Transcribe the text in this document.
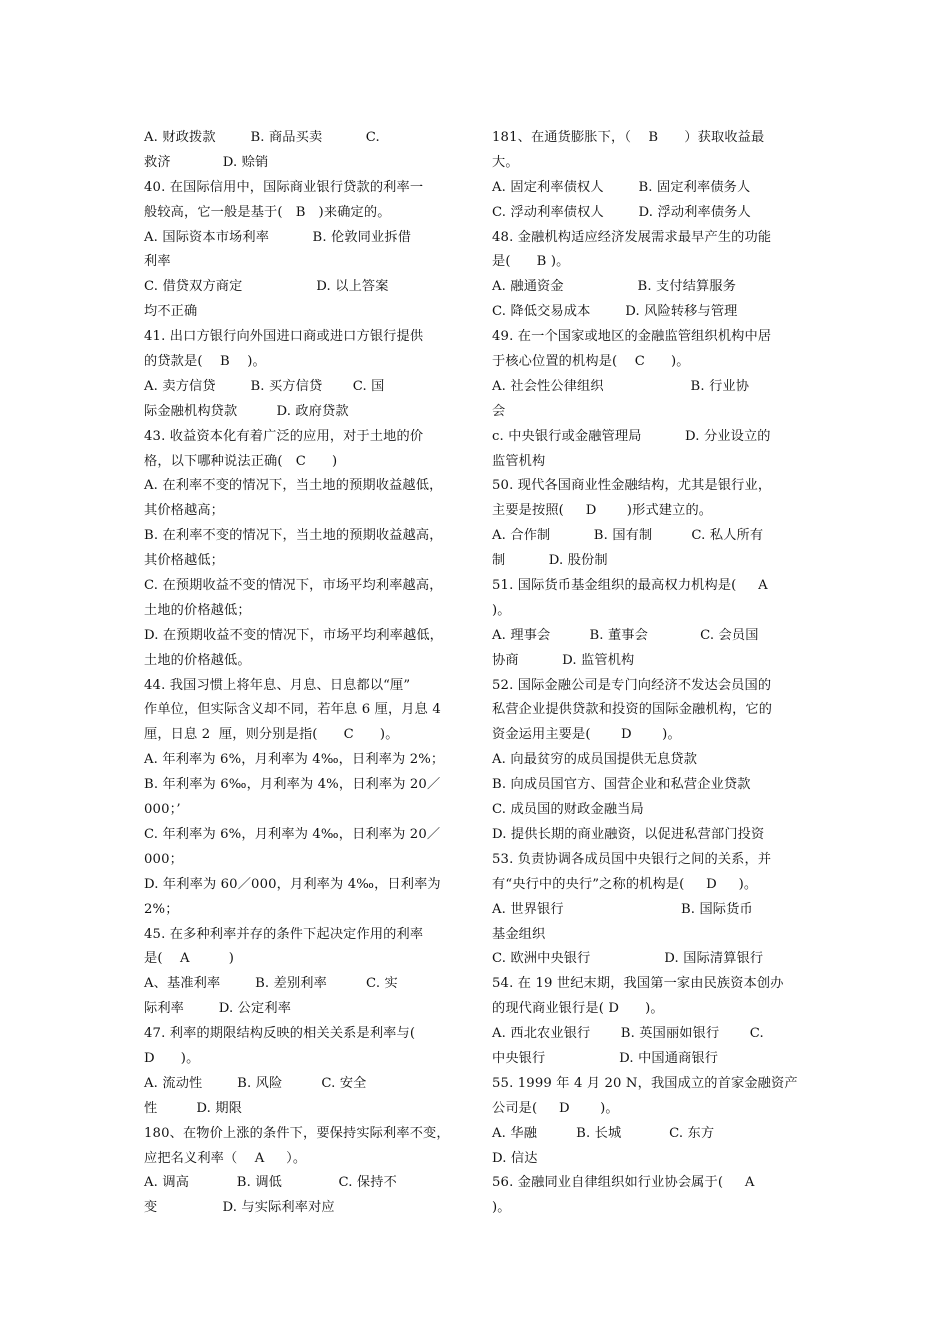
A. 财政拨款        B. 商品买卖          C.
救济            D. 赊销
40. 在国际信用中，国际商业银行贷款的利率一
般较高，它一般是基于(   B   )来确定的。
A. 国际资本市场利率          B. 伦敦同业拆借
利率
C. 借贷双方商定                 D. 以上答案
均不正确
41. 出口方银行向外国进口商或进口方银行提供
的贷款是(    B    )。
A. 卖方信贷        B. 买方信贷       C. 国
际金融机构贷款         D. 政府贷款
43. 收益资本化有着广泛的应用，对于土地的价
格，以下哪种说法正确(   C      )
A. 在利率不变的情况下，当土地的预期收益越低，
其价格越高；
B. 在利率不变的情况下，当土地的预期收益越高，
其价格越低；
C. 在预期收益不变的情况下，市场平均利率越高，
土地的价格越低；
D. 在预期收益不变的情况下，市场平均利率越低，
土地的价格越低。
44. 我国习惯上将年息、月息、日息都以“厘”
作单位，但实际含义却不同，若年息 6 厘，月息 4
厘，日息 2  厘，则分别是指(      C      )。
A. 年利率为 6%，月利率为 4‰，日利率为 2%；
B. 年利率为 6‰，月利率为 4%，日利率为 20／
000；’
C. 年利率为 6%，月利率为 4‰，日利率为 20／
000；
D. 年利率为 60／000，月利率为 4‰，日利率为
2%；
45. 在多种利率并存的条件下起决定作用的利率
是(    A         )
A、基准利率        B. 差别利率         C. 实
际利率        D. 公定利率
47. 利率的期限结构反映的相关关系是利率与(
D      )。
A. 流动性        B. 风险         C. 安全
性         D. 期限
180、在物价上涨的条件下，要保持实际利率不变，
应把名义利率（    A     ）。
A. 调高           B. 调低             C. 保持不
变               D. 与实际利率对应
181、在通货膨胀下，（    B      ）获取收益最
大。
A. 固定利率债权人        B. 固定利率债务人
C. 浮动利率债权人        D. 浮动利率债务人
48. 金融机构适应经济发展需求最早产生的功能
是(      B )。
A. 融通资金                 B. 支付结算服务
C. 降低交易成本        D. 风险转移与管理
49. 在一个国家或地区的金融监管组织机构中居
于核心位置的机构是(    C      )。
A. 社会性公律组织                    B. 行业协
会
c. 中央银行或金融管理局          D. 分业设立的
监管机构
50. 现代各国商业性金融结构，尤其是银行业，
主要是按照(     D       )形式建立的。
A. 合作制          B. 国有制         C. 私人所有
制          D. 股份制
51. 国际货币基金组织的最高权力机构是(     A
)。
A. 理事会         B. 董事会            C. 会员国
协商          D. 监管机构
52. 国际金融公司是专门向经济不发达会员国的
私营企业提供贷款和投资的国际金融机构，它的
资金运用主要是(       D       )。
A. 向最贫穷的成员国提供无息贷款
B. 向成员国官方、国营企业和私营企业贷款
C. 成员国的财政金融当局
D. 提供长期的商业融资，以促进私营部门投资
53. 负责协调各成员国中央银行之间的关系，并
有“央行中的央行”之称的机构是(     D     )。
A. 世界银行                           B. 国际货币
基金组织
C. 欧洲中央银行                 D. 国际清算银行
54. 在 19 世纪末期，我国第一家由民族资本创办
的现代商业银行是( D      )。
A. 西北农业银行       B. 英国丽如银行       C.
中央银行                 D. 中国通商银行
55. 1999 年 4 月 20 N，我国成立的首家金融资产
公司是(     D       )。
A. 华融         B. 长城           C. 东方
D. 信达
56. 金融同业自律组织如行业协会属于(     A
)。
